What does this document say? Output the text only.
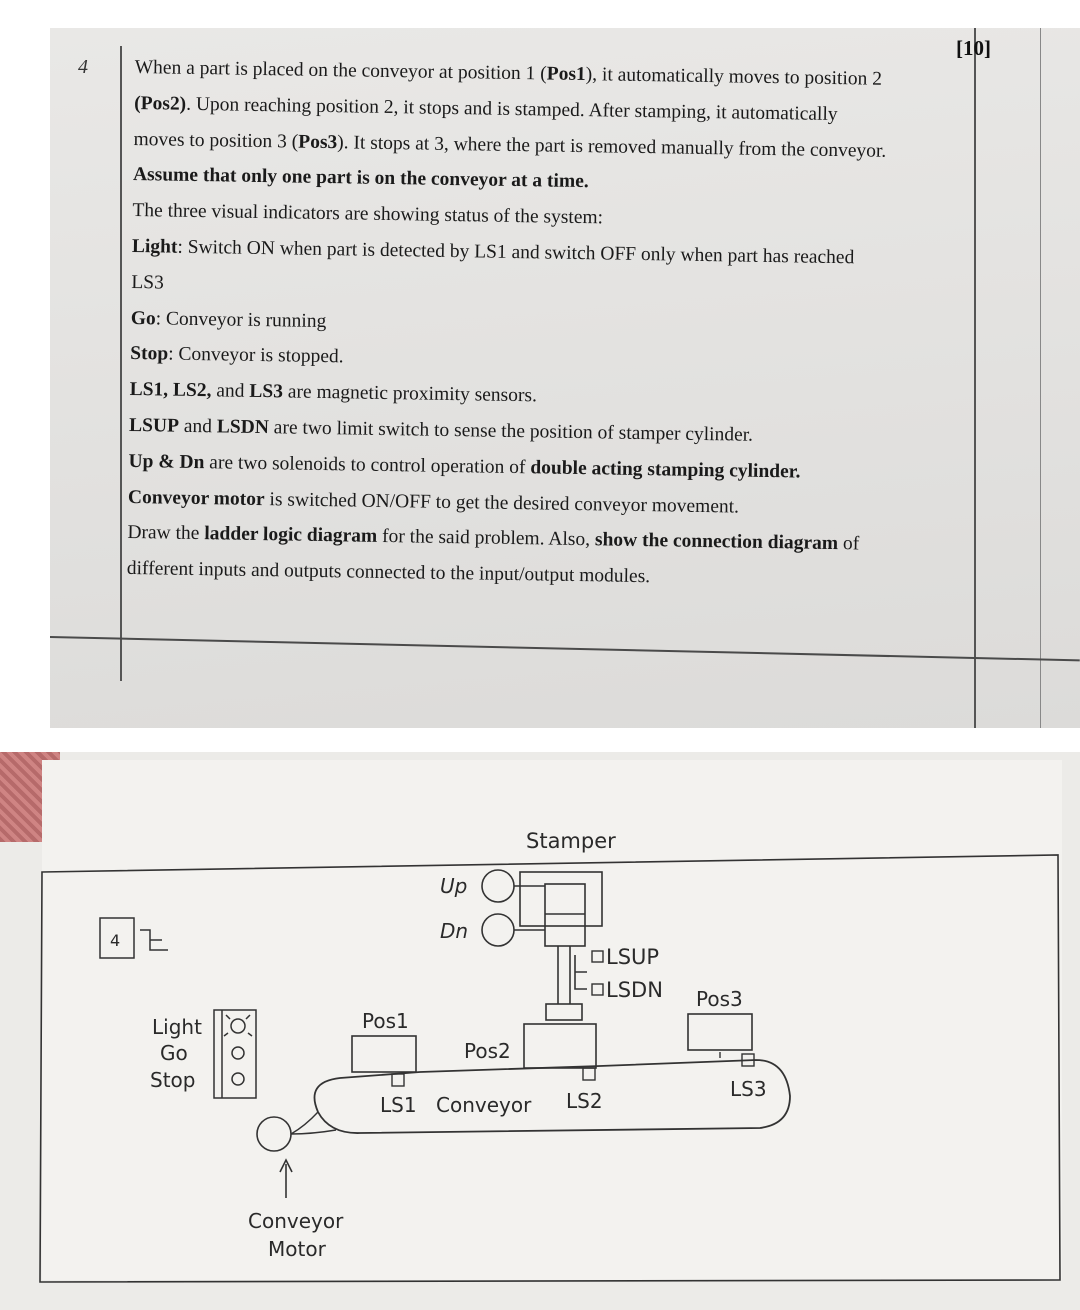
4
[10]

When a part is placed on the conveyor at position 1 (Pos1), it automatically moves to position 2

(Pos2). Upon reaching position 2, it stops and is stamped. After stamping, it automatically

moves to position 3 (Pos3). It stops at 3, where the part is removed manually from the conveyor.

Assume that only one part is on the conveyor at a time.

The three visual indicators are showing status of the system:

Light: Switch ON when part is detected by LS1 and switch OFF only when part has reached

LS3

Go: Conveyor is running

Stop: Conveyor is stopped.

LS1, LS2, and LS3 are magnetic proximity sensors.

LSUP and LSDN are two limit switch to sense the position of stamper cylinder.

Up & Dn are two solenoids to control operation of double acting stamping cylinder.

Conveyor motor is switched ON/OFF to get the desired conveyor movement.

Draw the ladder logic diagram for the said problem. Also, show the connection diagram of

different inputs and outputs connected to the input/output modules.

4
Stamper
Up
Dn
LSUP
LSDN
Light
Go
Stop
Pos1
Pos2
Pos3
LS1 Conveyor LS2	LS3
Conveyor
Motor
